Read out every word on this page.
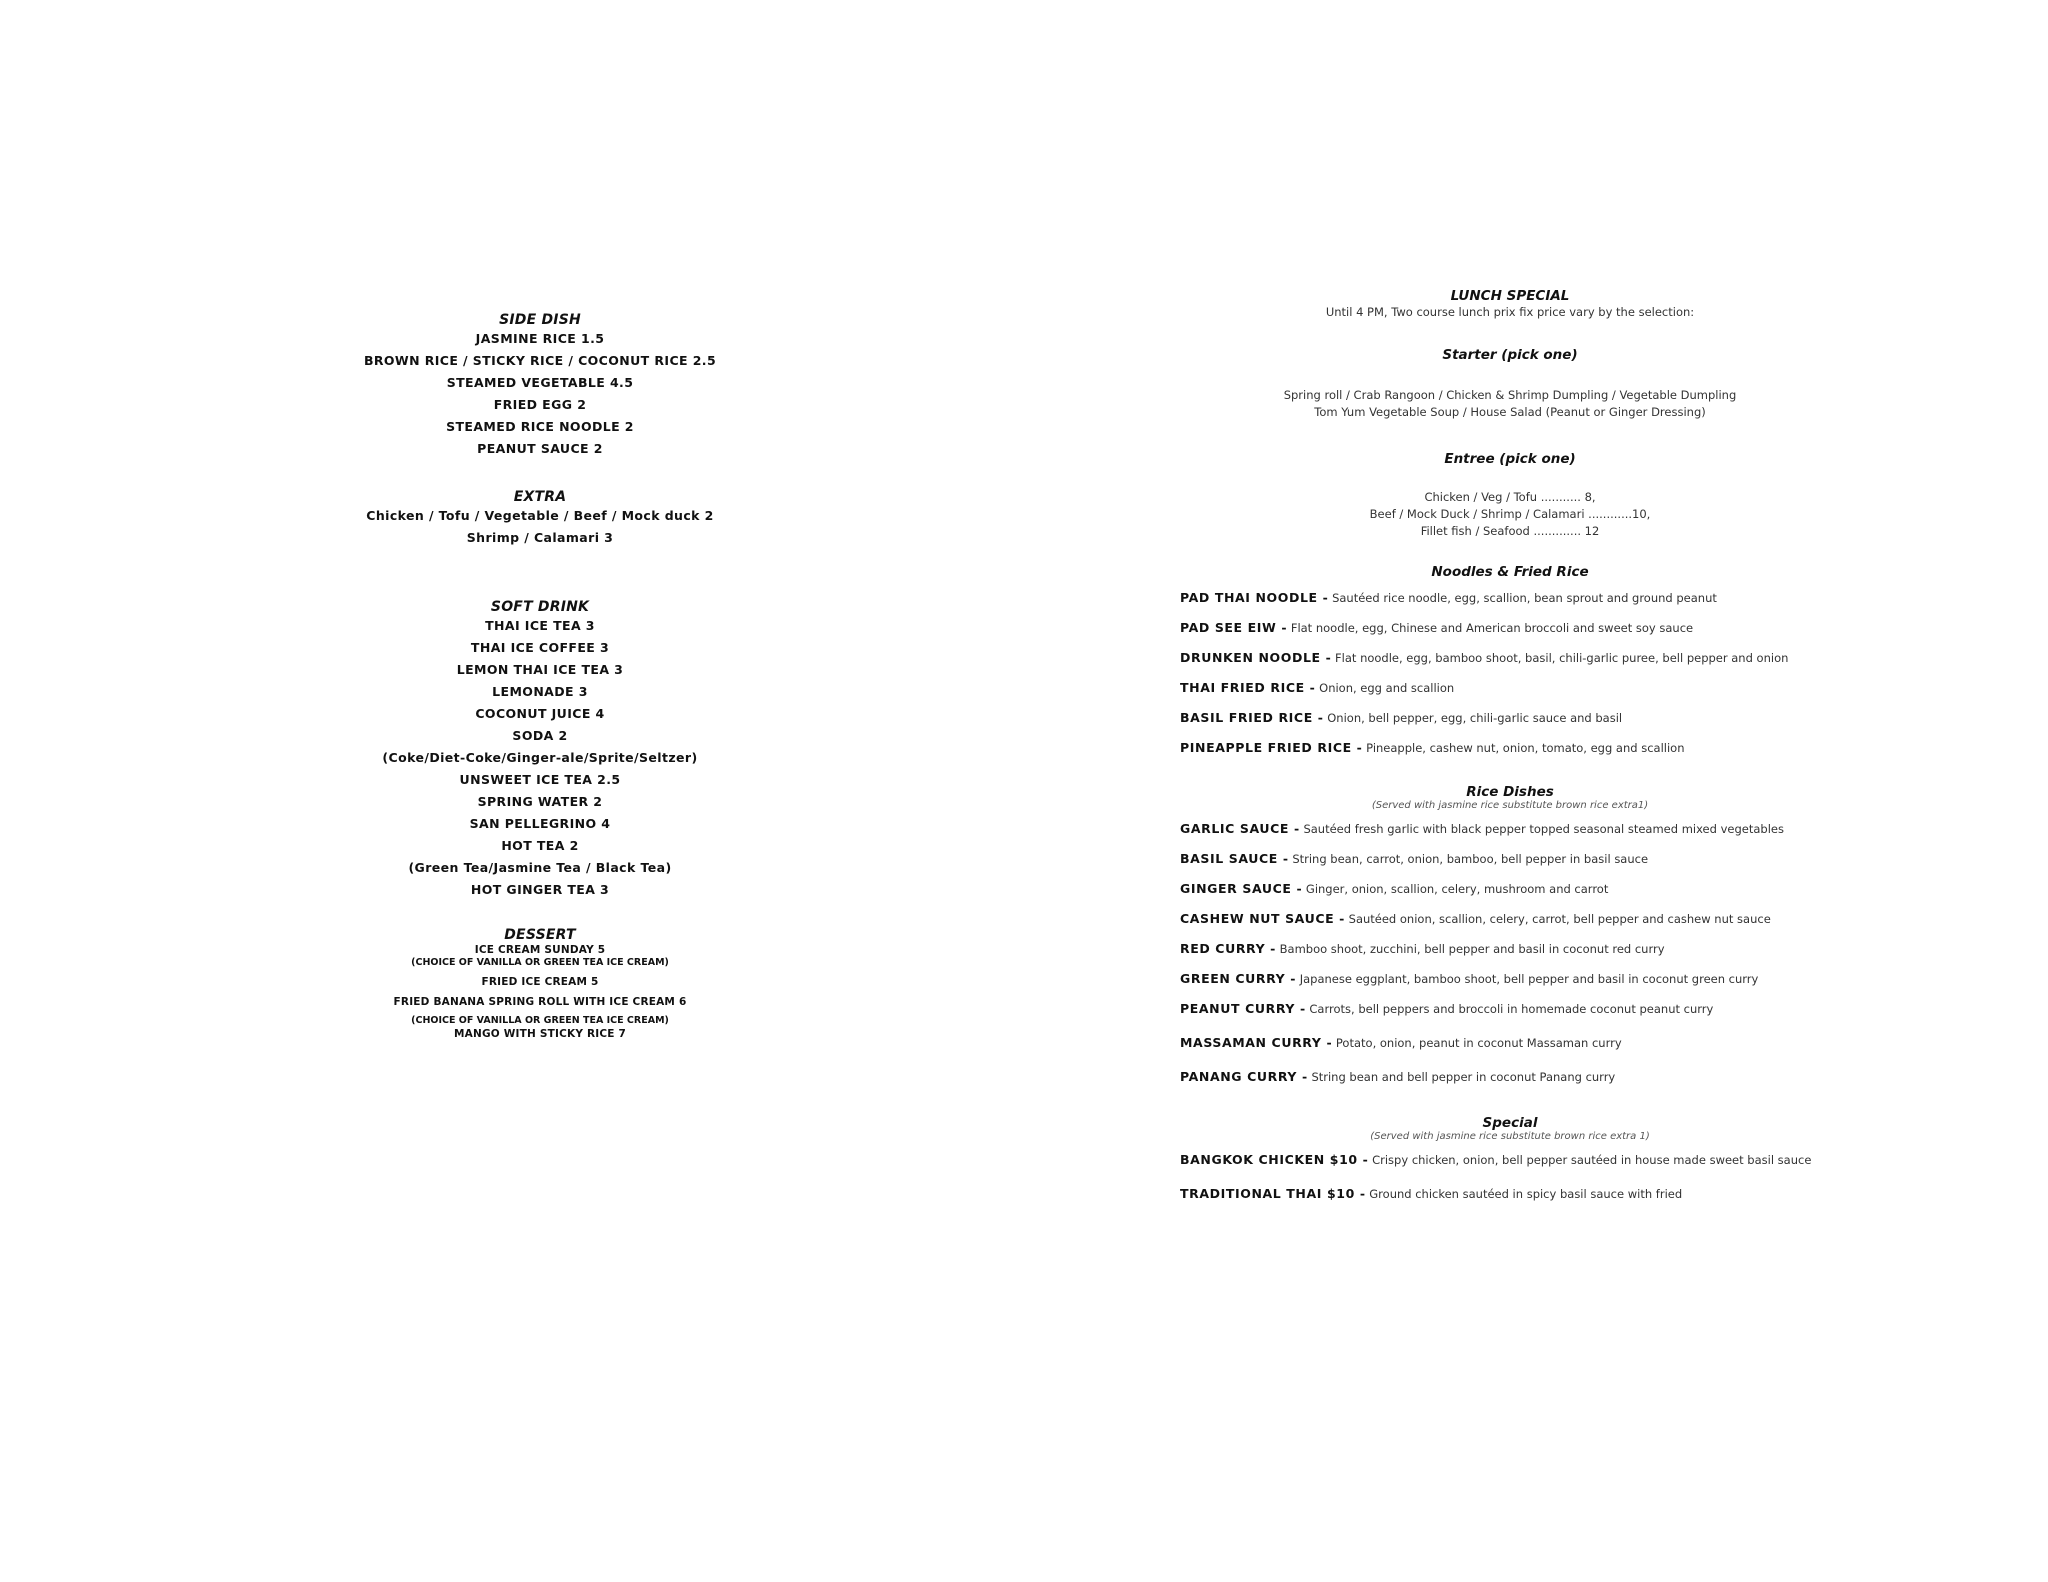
SIDE DISH
JASMINE RICE 1.5
BROWN RICE / STICKY RICE / COCONUT RICE 2.5
STEAMED VEGETABLE 4.5
FRIED EGG 2
STEAMED RICE NOODLE 2
PEANUT SAUCE 2
EXTRA
Chicken / Tofu / Vegetable / Beef / Mock duck 2
Shrimp / Calamari 3
SOFT DRINK
THAI ICE TEA 3
THAI ICE COFFEE 3
LEMON THAI ICE TEA 3
LEMONADE 3
COCONUT JUICE 4
SODA 2
(Coke/Diet-Coke/Ginger-ale/Sprite/Seltzer)
UNSWEET ICE TEA 2.5
SPRING WATER 2
SAN PELLEGRINO 4
HOT TEA 2
(Green Tea/Jasmine Tea / Black Tea)
HOT GINGER TEA 3
DESSERT
ICE CREAM SUNDAY 5
(CHOICE OF VANILLA OR GREEN TEA ICE CREAM)
FRIED ICE CREAM 5
FRIED BANANA SPRING ROLL WITH ICE CREAM 6
(CHOICE OF VANILLA OR GREEN TEA ICE CREAM)
MANGO WITH STICKY RICE 7
LUNCH SPECIAL
Until 4 PM, Two course lunch prix fix price vary by the selection:
Starter (pick one)
Spring roll / Crab Rangoon / Chicken & Shrimp Dumpling / Vegetable Dumpling
Tom Yum Vegetable Soup / House Salad (Peanut or Ginger Dressing)
Entree (pick one)
Chicken / Veg / Tofu ........... 8,
Beef / Mock Duck / Shrimp / Calamari ............10,
Fillet fish / Seafood ............. 12
Noodles & Fried Rice
PAD THAI NOODLE - Sautéed rice noodle, egg, scallion, bean sprout and ground peanut
PAD SEE EIW - Flat noodle, egg, Chinese and American broccoli and sweet soy sauce
DRUNKEN NOODLE - Flat noodle, egg, bamboo shoot, basil, chili-garlic puree, bell pepper and onion
THAI FRIED RICE - Onion, egg and scallion
BASIL FRIED RICE - Onion, bell pepper, egg, chili-garlic sauce and basil
PINEAPPLE FRIED RICE - Pineapple, cashew nut, onion, tomato, egg and scallion
Rice Dishes
(Served with jasmine rice substitute brown rice extra1)
GARLIC SAUCE - Sautéed fresh garlic with black pepper topped seasonal steamed mixed vegetables
BASIL SAUCE - String bean, carrot, onion, bamboo, bell pepper in basil sauce
GINGER SAUCE - Ginger, onion, scallion, celery, mushroom and carrot
CASHEW NUT SAUCE - Sautéed onion, scallion, celery, carrot, bell pepper and cashew nut sauce
RED CURRY - Bamboo shoot, zucchini, bell pepper and basil in coconut red curry
GREEN CURRY - Japanese eggplant, bamboo shoot, bell pepper and basil in coconut green curry
PEANUT CURRY - Carrots, bell peppers and broccoli in homemade coconut peanut curry
MASSAMAN CURRY - Potato, onion, peanut in coconut Massaman curry
PANANG CURRY - String bean and bell pepper in coconut Panang curry
Special
(Served with jasmine rice substitute brown rice extra 1)
BANGKOK CHICKEN $10 - Crispy chicken, onion, bell pepper sautéed in house made sweet basil sauce
TRADITIONAL THAI $10 - Ground chicken sautéed in spicy basil sauce with fried
